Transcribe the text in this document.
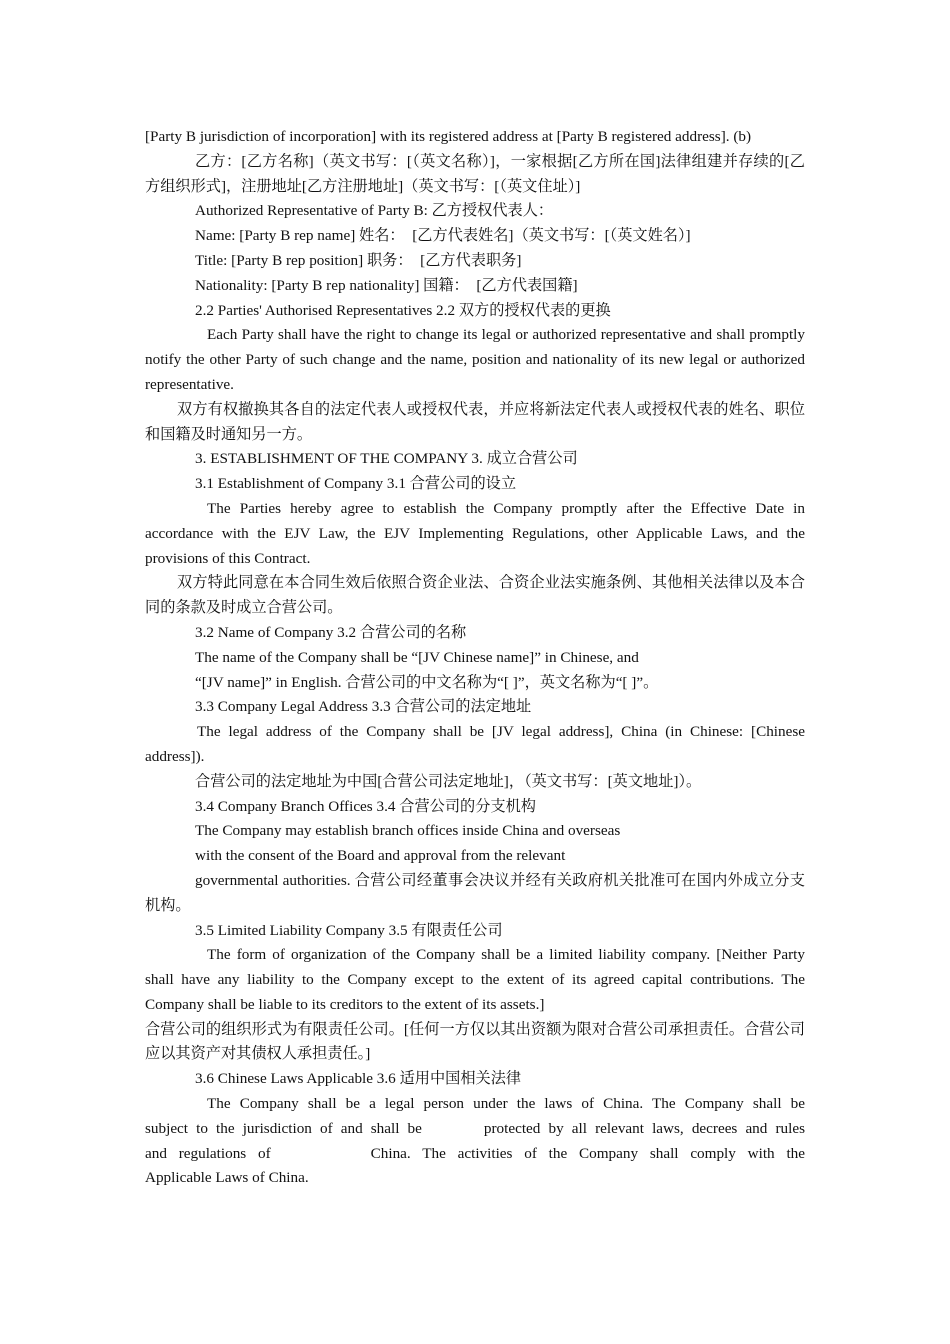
[Party B jurisdiction of incorporation] with its registered address at [Party B registered address]. (b)

乙方：[乙方名称]（英文书写：[（英文名称）]，一家根据[乙方所在国]法律组建并存续的[乙方组织形式]，注册地址[乙方注册地址]（英文书写：[（英文住址）]

Authorized Representative of Party B: 乙方授权代表人：

Name: [Party B rep name] 姓名：　[乙方代表姓名]（英文书写：[（英文姓名）]

Title: [Party B rep position] 职务：　[乙方代表职务]

Nationality: [Party B rep nationality] 国籍：　[乙方代表国籍]

2.2 Parties' Authorised Representatives 2.2 双方的授权代表的更换

Each Party shall have the right to change its legal or authorized representative and shall promptly notify the other Party of such change and the name, position and nationality of its new legal or authorized representative.

双方有权撤换其各自的法定代表人或授权代表，并应将新法定代表人或授权代表的姓名、职位和国籍及时通知另一方。

3. ESTABLISHMENT OF THE COMPANY 3. 成立合营公司

3.1 Establishment of Company 3.1 合营公司的设立

The Parties hereby agree to establish the Company promptly after the Effective Date in accordance with the EJV Law, the EJV Implementing Regulations, other Applicable Laws, and the provisions of this Contract.

双方特此同意在本合同生效后依照合资企业法、合资企业法实施条例、其他相关法律以及本合同的条款及时成立合营公司。

3.2 Name of Company 3.2 合营公司的名称

The name of the Company shall be “[JV Chinese name]” in Chinese, and

“[JV name]” in English. 合营公司的中文名称为“[ ]”，英文名称为“[ ]”。

3.3 Company Legal Address 3.3 合营公司的法定地址

The legal address of the Company shall be [JV legal address], China (in Chinese: [Chinese address]).

合营公司的法定地址为中国[合营公司法定地址]，（英文书写：[英文地址]）。

3.4 Company Branch Offices 3.4 合营公司的分支机构

The Company may establish branch offices inside China and overseas

with the consent of the Board and approval from the relevant

governmental authorities. 合营公司经董事会决议并经有关政府机关批准可在国内外成立分支机构。

3.5 Limited Liability Company 3.5 有限责任公司

The form of organization of the Company shall be a limited liability company. [Neither Party shall have any liability to the Company except to the extent of its agreed capital contributions. The Company shall be liable to its creditors to the extent of its assets.]

合营公司的组织形式为有限责任公司。[任何一方仅以其出资额为限对合营公司承担责任。合营公司应以其资产对其债权人承担责任。]

3.6 Chinese Laws Applicable 3.6 适用中国相关法律

The Company shall be a legal person under the laws of China. The Company shall be
subject to the jurisdiction of and shall be	protected by all relevant laws, decrees and rules
and regulations of	China. The activities of the Company shall comply with the
Applicable Laws of China.
